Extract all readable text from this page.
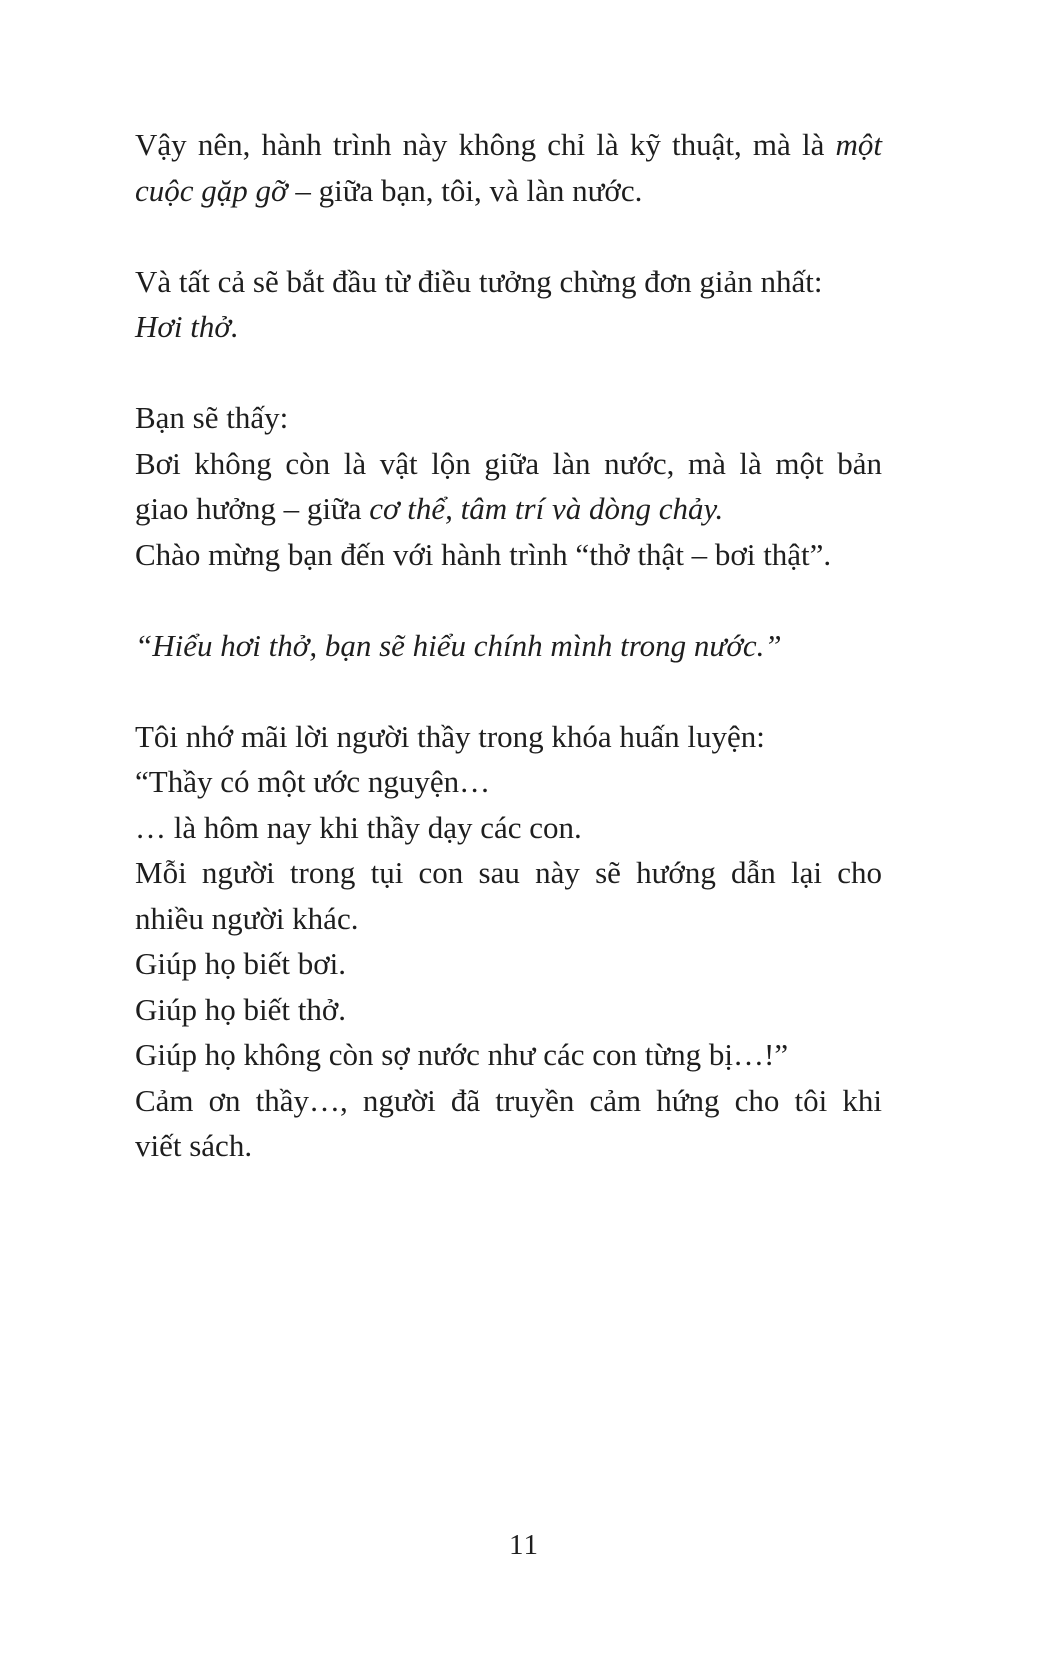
Vậy nên, hành trình này không chỉ là kỹ thuật, mà là một
cuộc gặp gỡ – giữa bạn, tôi, và làn nước.
Và tất cả sẽ bắt đầu từ điều tưởng chừng đơn giản nhất:
Hơi thở.
Bạn sẽ thấy:
Bơi không còn là vật lộn giữa làn nước, mà là một bản
giao hưởng – giữa cơ thể, tâm trí và dòng chảy.
Chào mừng bạn đến với hành trình “thở thật – bơi thật”.
“Hiểu hơi thở, bạn sẽ hiểu chính mình trong nước.”
Tôi nhớ mãi lời người thầy trong khóa huấn luyện:
“Thầy có một ước nguyện…
… là hôm nay khi thầy dạy các con.
Mỗi người trong tụi con sau này sẽ hướng dẫn lại cho
nhiều người khác.
Giúp họ biết bơi.
Giúp họ biết thở.
Giúp họ không còn sợ nước như các con từng bị…!”
Cảm ơn thầy…, người đã truyền cảm hứng cho tôi khi
viết sách.
11
